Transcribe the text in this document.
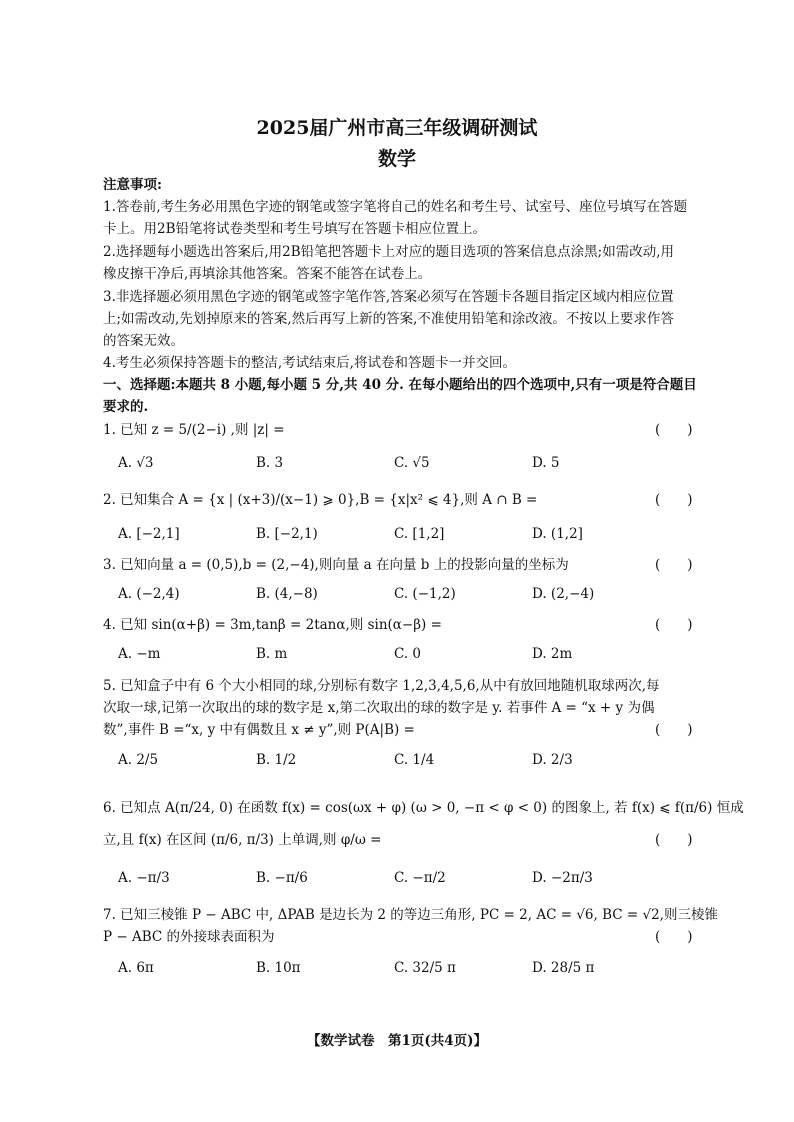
2025届广州市高三年级调研测试
数学
注意事项:
1.答卷前,考生务必用黑色字迹的钢笔或签字笔将自己的姓名和考生号、试室号、座位号填写在答题
卡上。用2B铅笔将试卷类型和考生号填写在答题卡相应位置上。
2.选择题每小题选出答案后,用2B铅笔把答题卡上对应的题目选项的答案信息点涂黑;如需改动,用
橡皮擦干净后,再填涂其他答案。答案不能答在试卷上。
3.非选择题必须用黑色字迹的钢笔或签字笔作答,答案必须写在答题卡各题目指定区域内相应位置
上;如需改动,先划掉原来的答案,然后再写上新的答案,不准使用铅笔和涂改液。不按以上要求作答
的答案无效。
4.考生必须保持答题卡的整洁,考试结束后,将试卷和答题卡一并交回。
一、选择题:本题共 8 小题,每小题 5 分,共 40 分. 在每小题给出的四个选项中,只有一项是符合题目
要求的.
1. 已知 z = 5/(2−i) ,则 |z| =	(　　)
A. √3	B. 3	C. √5	D. 5
2. 已知集合 A = {x | (x+3)/(x−1) ⩾ 0},B = {x|x² ⩽ 4},则 A ∩ B =	(　　)
A. [−2,1]	B. [−2,1)	C. [1,2]	D. (1,2]
3. 已知向量 a = (0,5),b = (2,−4),则向量 a 在向量 b 上的投影向量的坐标为	(　　)
A. (−2,4)	B. (4,−8)	C. (−1,2)	D. (2,−4)
4. 已知 sin(α+β) = 3m,tanβ = 2tanα,则 sin(α−β) =	(　　)
A. −m	B. m	C. 0	D. 2m
5. 已知盒子中有 6 个大小相同的球,分别标有数字 1,2,3,4,5,6,从中有放回地随机取球两次,每
次取一球,记第一次取出的球的数字是 x,第二次取出的球的数字是 y. 若事件 A = “x + y 为偶
数”,事件 B =“x, y 中有偶数且 x ≠ y”,则 P(A|B) =	(　　)
A. 2/5	B. 1/2	C. 1/4	D. 2/3
6. 已知点 A(π/24, 0) 在函数 f(x) = cos(ωx + φ) (ω > 0, −π < φ < 0) 的图象上, 若 f(x) ⩽ f(π/6) 恒成
立,且 f(x) 在区间 (π/6, π/3) 上单调,则 φ/ω =	(　　)
A. −π/3	B. −π/6	C. −π/2	D. −2π/3
7. 已知三棱锥 P − ABC 中, ΔPAB 是边长为 2 的等边三角形, PC = 2, AC = √6, BC = √2,则三棱锥
P − ABC 的外接球表面积为	(　　)
A. 6π	B. 10π	C. 32/5 π	D. 28/5 π
【数学试卷　第1页(共4页)】
